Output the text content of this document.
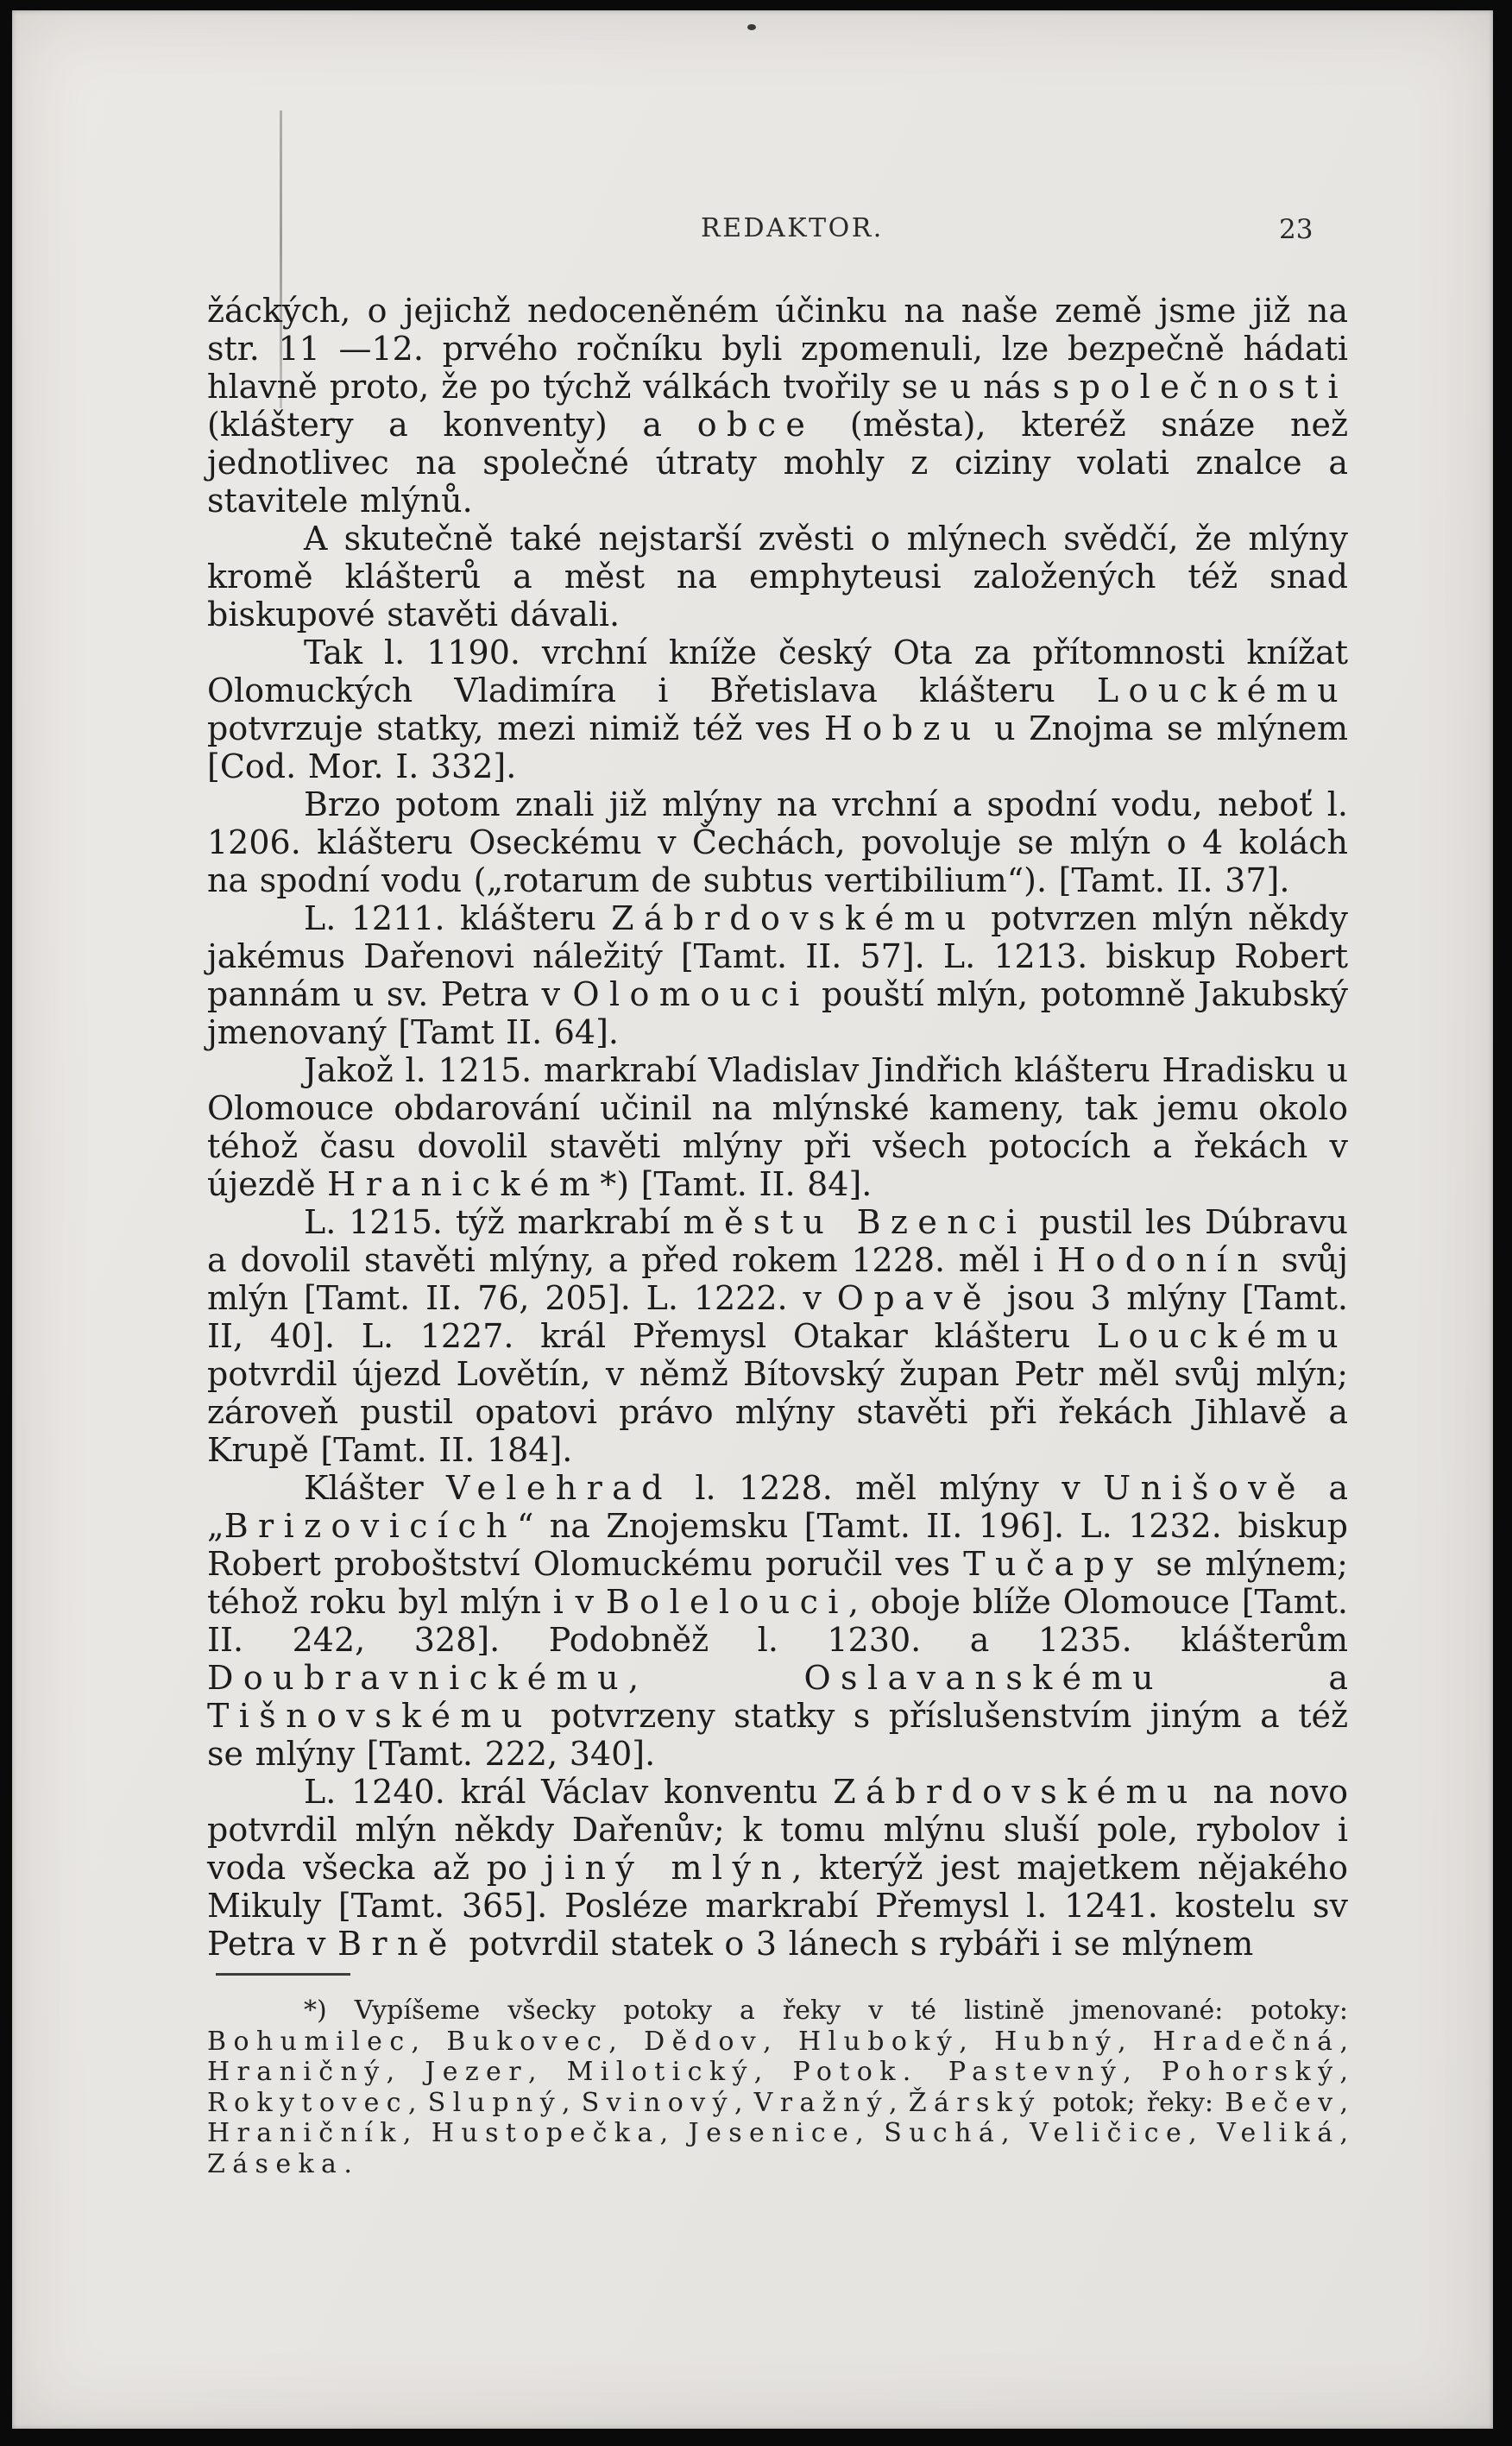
REDAKTOR.	23

žáckých, o jejichž nedoceněném účinku na naše země jsme již na str. 11 —12. prvého ročníku byli zpomenuli, lze bezpečně hádati hlavně proto, že po týchž válkách tvořily se u nás společnosti (kláštery a konventy) a obce (města), kteréž snáze než jednotlivec na společné útraty mohly z ciziny volati znalce a stavitele mlýnů.

A skutečně také nejstarší zvěsti o mlýnech svědčí, že mlýny kromě klášterů a měst na emphyteusi založených též snad biskupové stavěti dávali.

Tak l. 1190. vrchní kníže český Ota za přítomnosti knížat Olomuckých Vladimíra i Břetislava klášteru Louckému potvrzuje statky, mezi nimiž též ves Hobzu u Znojma se mlýnem [Cod. Mor. I. 332].

Brzo potom znali již mlýny na vrchní a spodní vodu, neboť l. 1206. klášteru Oseckému v Čechách, povoluje se mlýn o 4 kolách na spodní vodu („rotarum de subtus vertibilium“). [Tamt. II. 37].

L. 1211. klášteru Zábrdovskému potvrzen mlýn někdy jakémus Dařenovi náležitý [Tamt. II. 57]. L. 1213. biskup Robert pannám u sv. Petra v Olomouci pouští mlýn, potomně Jakubský jmenovaný [Tamt II. 64].

Jakož l. 1215. markrabí Vladislav Jindřich klášteru Hradisku u Olomouce obdarování učinil na mlýnské kameny, tak jemu okolo téhož času dovolil stavěti mlýny při všech potocích a řekách v újezdě Hranickém*) [Tamt. II. 84].

L. 1215. týž markrabí městu Bzenci pustil les Dúbravu a dovolil stavěti mlýny, a před rokem 1228. měl i Hodonín svůj mlýn [Tamt. II. 76, 205]. L. 1222. v Opavě jsou 3 mlýny [Tamt. II, 40]. L. 1227. král Přemysl Otakar klášteru Louckému potvrdil újezd Lovětín, v němž Bítovský župan Petr měl svůj mlýn; zároveň pustil opatovi právo mlýny stavěti při řekách Jihlavě a Krupě [Tamt. II. 184].

Klášter Velehrad l. 1228. měl mlýny v Unišově a „Brizovicích“ na Znojemsku [Tamt. II. 196]. L. 1232. biskup Robert proboštství Olomuckému poručil ves Tučapy se mlýnem; téhož roku byl mlýn i v Bolelouci, oboje blíže Olomouce [Tamt. II. 242, 328]. Podobněž l. 1230. a 1235. klášterům Doubravnickému, Oslavanskému a Tišnovskému potvrzeny statky s příslušenstvím jiným a též se mlýny [Tamt. 222, 340].

L. 1240. král Václav konventu Zábrdovskému na novo potvrdil mlýn někdy Dařenův; k tomu mlýnu sluší pole, rybolov i voda všecka až po jiný mlýn, kterýž jest majetkem nějakého Mikuly [Tamt. 365]. Posléze markrabí Přemysl l. 1241. kostelu sv Petra v Brně potvrdil statek o 3 lánech s rybáři i se mlýnem

*) Vypíšeme všecky potoky a řeky v té listině jmenované: potoky: Bohumilec, Bukovec, Dědov, Hluboký, Hubný, Hradečná, Hraničný, Jezer, Milotický, Potok. Pastevný, Pohorský, Rokytovec, Slupný, Svinový, Vražný, Žárský potok; řeky: Bečev, Hraničník, Hustopečka, Jesenice, Suchá, Veličice, Veliká, Záseka.
